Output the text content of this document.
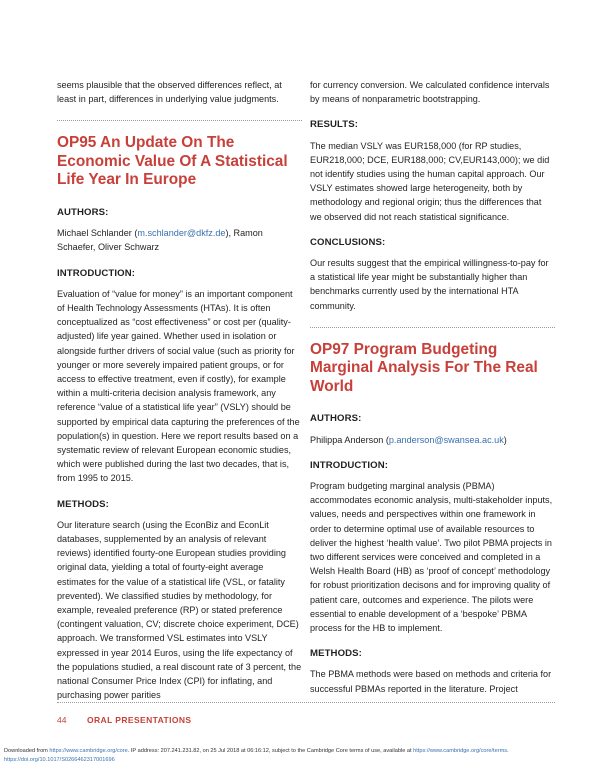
seems plausible that the observed differences reflect, at least in part, differences in underlying value judgments.

OP95 An Update On The Economic Value Of A Statistical Life Year In Europe
AUTHORS:

Michael Schlander (m.schlander@dkfz.de), Ramon Schaefer, Oliver Schwarz

INTRODUCTION:

Evaluation of “value for money” is an important component of Health Technology Assessments (HTAs). It is often conceptualized as “cost effectiveness” or cost per (quality-adjusted) life year gained. Whether used in isolation or alongside further drivers of social value (such as priority for younger or more severely impaired patient groups, or for access to effective treatment, even if costly), for example within a multi-criteria decision analysis framework, any reference “value of a statistical life year” (VSLY) should be supported by empirical data capturing the preferences of the population(s) in question. Here we report results based on a systematic review of relevant European economic studies, which were published during the last two decades, that is, from 1995 to 2015.

METHODS:

Our literature search (using the EconBiz and EconLit databases, supplemented by an analysis of relevant reviews) identified fourty-one European studies providing original data, yielding a total of fourty-eight average estimates for the value of a statistical life (VSL, or fatality prevented). We classified studies by methodology, for example, revealed preference (RP) or stated preference (contingent valuation, CV; discrete choice experiment, DCE) approach. We transformed VSL estimates into VSLY expressed in year 2014 Euros, using the life expectancy of the populations studied, a real discount rate of 3 percent, the national Consumer Price Index (CPI) for inflating, and purchasing power parities

for currency conversion. We calculated confidence intervals by means of nonparametric bootstrapping.

RESULTS:

The median VSLY was EUR158,000 (for RP studies, EUR218,000; DCE, EUR188,000; CV,EUR143,000); we did not identify studies using the human capital approach. Our VSLY estimates showed large heterogeneity, both by methodology and regional origin; thus the differences that we observed did not reach statistical significance.

CONCLUSIONS:

Our results suggest that the empirical willingness-to-pay for a statistical life year might be substantially higher than benchmarks currently used by the international HTA community.

OP97 Program Budgeting Marginal Analysis For The Real World
AUTHORS:

Philippa Anderson (p.anderson@swansea.ac.uk)

INTRODUCTION:

Program budgeting marginal analysis (PBMA) accommodates economic analysis, multi-stakeholder inputs, values, needs and perspectives within one framework in order to determine optimal use of available resources to deliver the highest ‘health value’. Two pilot PBMA projects in two different services were conceived and completed in a Welsh Health Board (HB) as ‘proof of concept’ methodology for robust prioritization decisons and for improving quality of patient care, outcomes and experience. The pilots were essential to enable development of a ‘bespoke’ PBMA process for the HB to implement.

METHODS:

The PBMA methods were based on methods and criteria for successful PBMAs reported in the literature. Project

44 ORAL PRESENTATIONS
Downloaded from https://www.cambridge.org/core. IP address: 207.241.231.82, on 25 Jul 2018 at 06:16:12, subject to the Cambridge Core terms of use, available at https://www.cambridge.org/core/terms. https://doi.org/10.1017/S0266462317001696
